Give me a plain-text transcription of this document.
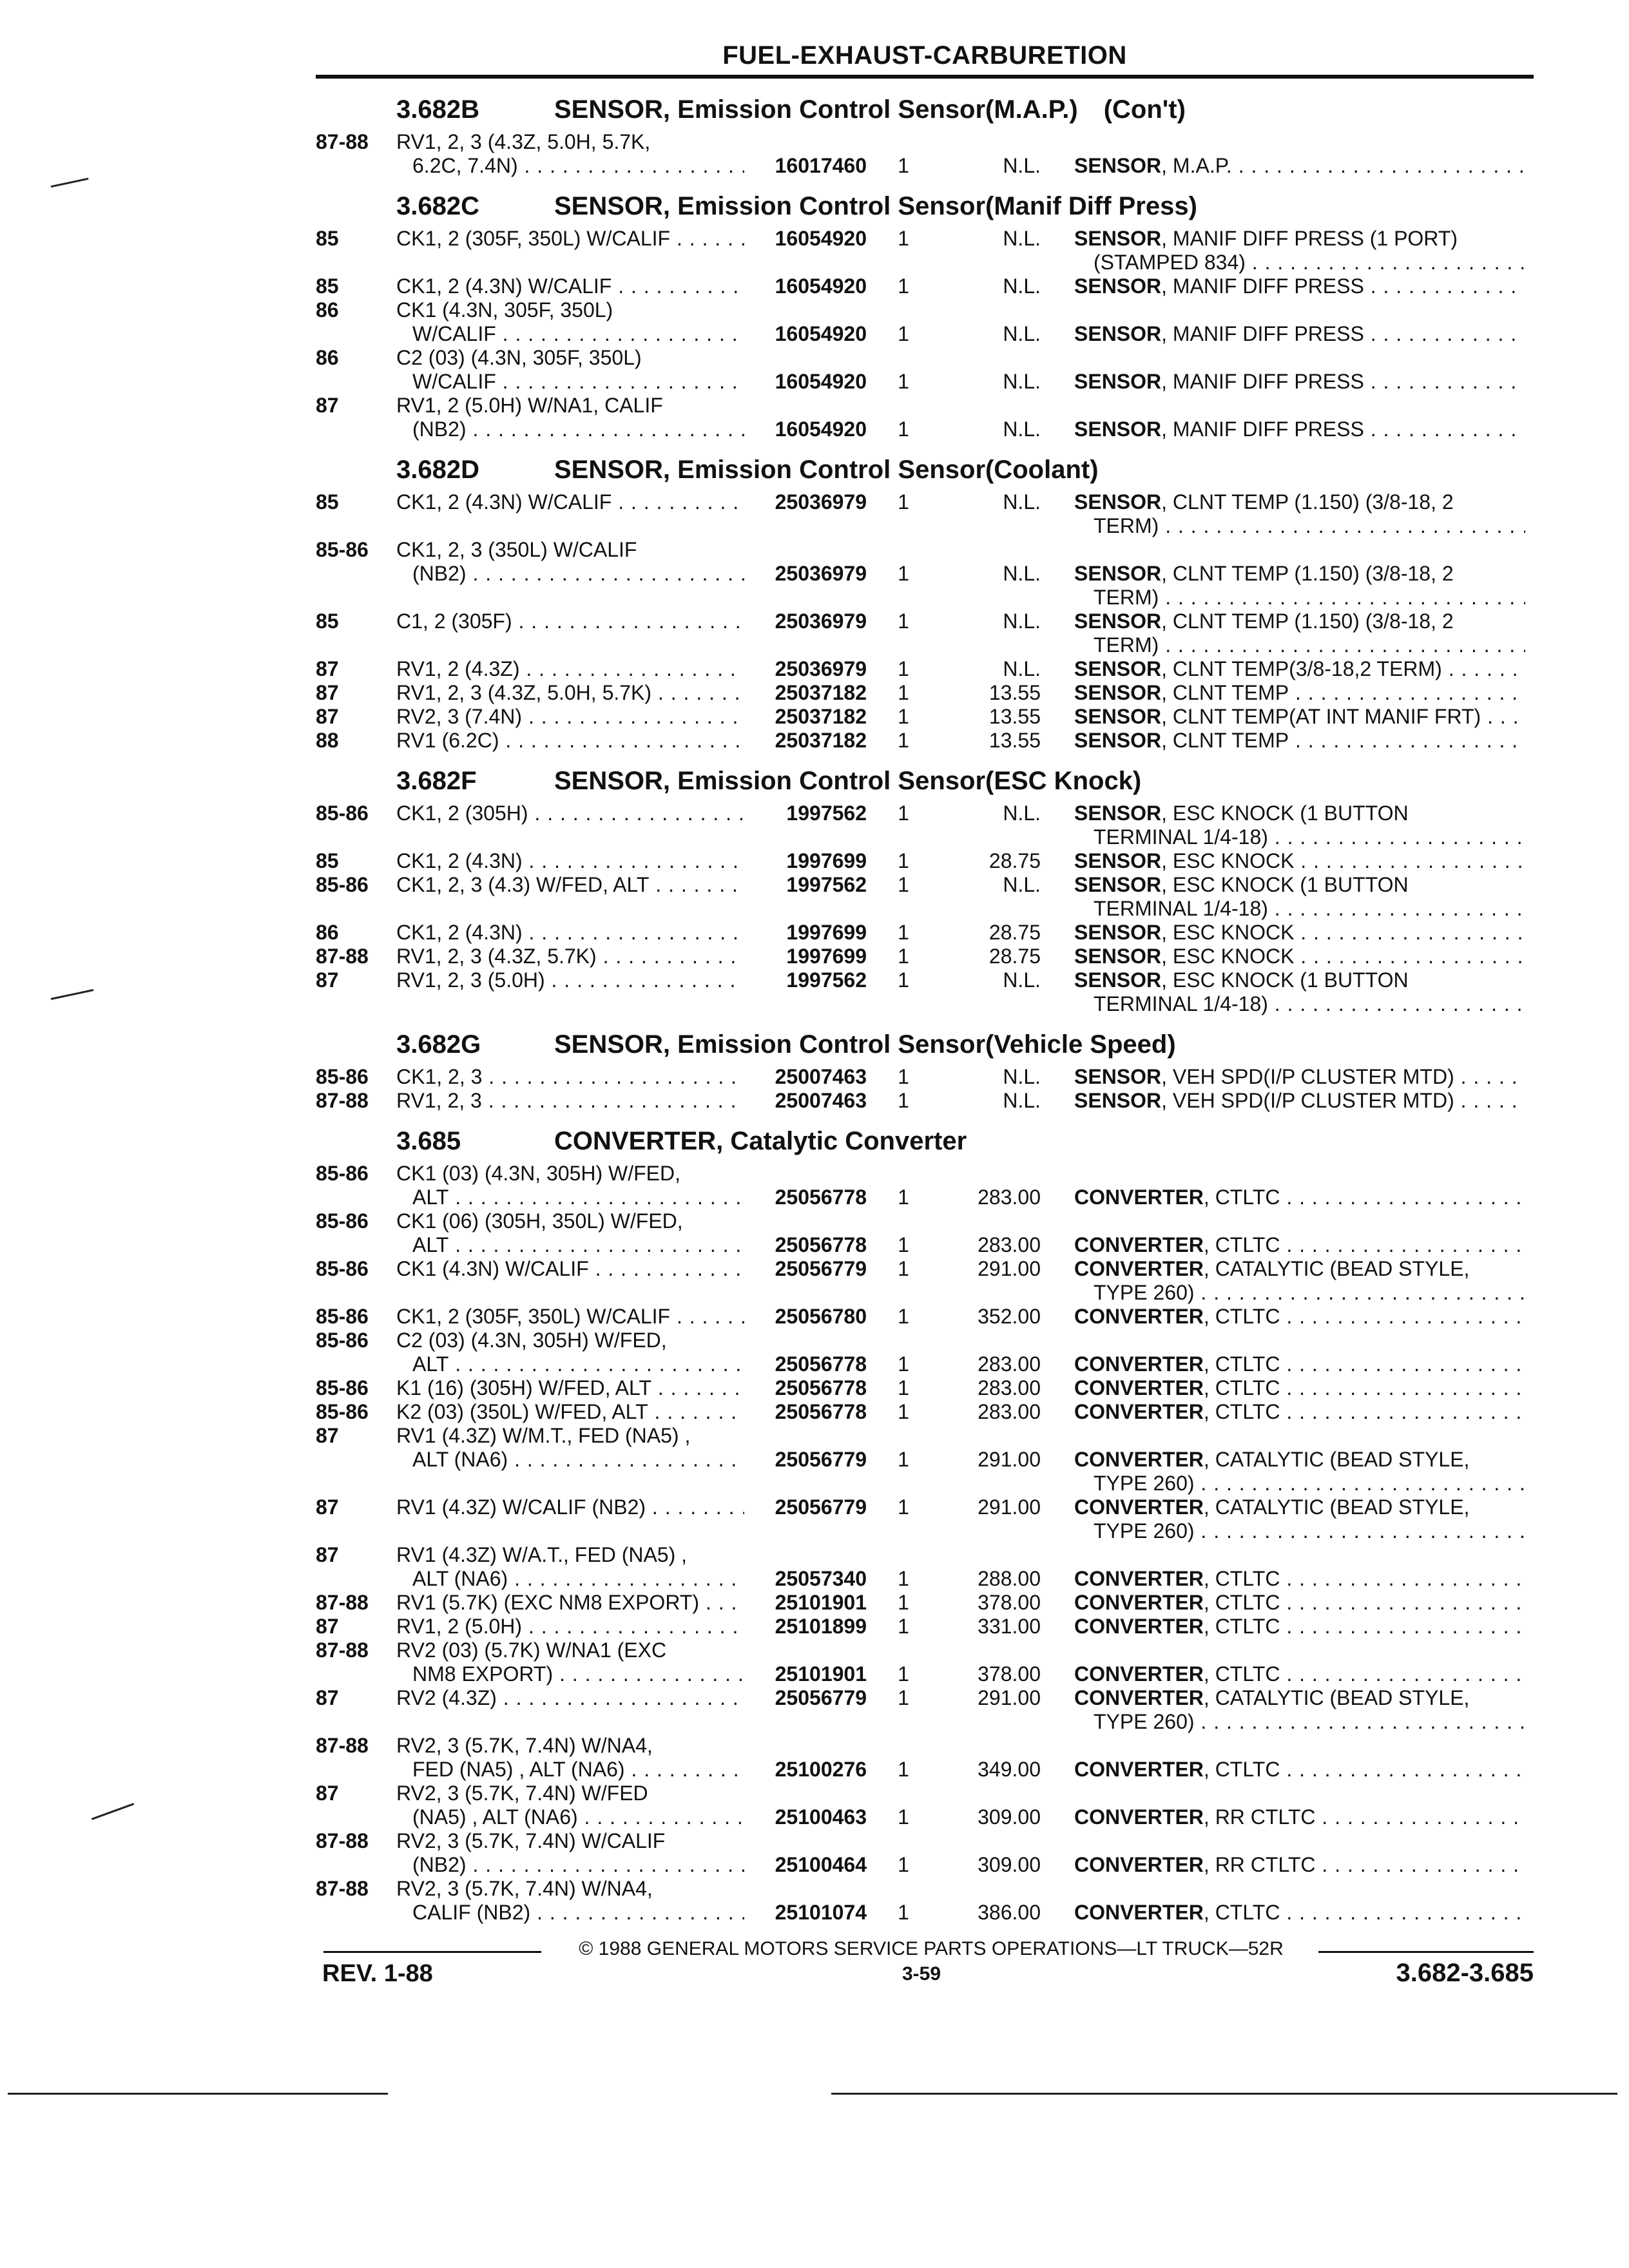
FUEL-EXHAUST-CARBURETION
3.682B	SENSOR, Emission Control Sensor(M.A.P.) (Con't)
87-88 RV1, 2, 3 (4.3Z, 5.0H, 5.7K,
6.2C, 7.4N) . . .	16017460 1	N.L. SENSOR, M.A.P. . . .
3.682C	SENSOR, Emission Control Sensor(Manif Diff Press)
85	CK1, 2 (305F, 350L) W/CALIF . . .	16054920 1	N.L. SENSOR, MANIF DIFF PRESS (1 PORT)
(STAMPED 834) . . .
85	CK1, 2 (4.3N) W/CALIF . . .	16054920 1	N.L. SENSOR, MANIF DIFF PRESS . . .
86	CK1 (4.3N, 305F, 350L)
W/CALIF . . .	16054920 1	N.L. SENSOR, MANIF DIFF PRESS . . .
86	C2 (03) (4.3N, 305F, 350L)
W/CALIF . . .	16054920 1	N.L. SENSOR, MANIF DIFF PRESS . . .
87	RV1, 2 (5.0H) W/NA1, CALIF
(NB2) . . .	16054920 1	N.L. SENSOR, MANIF DIFF PRESS . . .
3.682D	SENSOR, Emission Control Sensor(Coolant)
85	CK1, 2 (4.3N) W/CALIF . . .	25036979 1	N.L. SENSOR, CLNT TEMP (1.150) (3/8-18, 2
TERM) . . .
85-86 CK1, 2, 3 (350L) W/CALIF
(NB2) . . .	25036979 1	N.L. SENSOR, CLNT TEMP (1.150) (3/8-18, 2
TERM) . . .
85	C1, 2 (305F) . . .	25036979 1	N.L. SENSOR, CLNT TEMP (1.150) (3/8-18, 2
TERM) . . .
87	RV1, 2 (4.3Z) . . .	25036979 1	N.L. SENSOR, CLNT TEMP(3/8-18,2 TERM) . . .
87	RV1, 2, 3 (4.3Z, 5.0H, 5.7K) . . .	25037182 1	13.55 SENSOR, CLNT TEMP . . .
87	RV2, 3 (7.4N) . . .	25037182 1	13.55 SENSOR, CLNT TEMP(AT INT MANIF FRT) . . .
88	RV1 (6.2C) . . .	25037182 1	13.55 SENSOR, CLNT TEMP . . .
3.682F	SENSOR, Emission Control Sensor(ESC Knock)
85-86 CK1, 2 (305H) . . .	1997562 1	N.L. SENSOR, ESC KNOCK (1 BUTTON
TERMINAL 1/4-18) . . .
85	CK1, 2 (4.3N) . . .	1997699 1	28.75 SENSOR, ESC KNOCK . . .
85-86 CK1, 2, 3 (4.3) W/FED, ALT . . .	1997562 1	N.L. SENSOR, ESC KNOCK (1 BUTTON
TERMINAL 1/4-18) . . .
86	CK1, 2 (4.3N) . . .	1997699 1	28.75 SENSOR, ESC KNOCK . . .
87-88 RV1, 2, 3 (4.3Z, 5.7K) . . .	1997699 1	28.75 SENSOR, ESC KNOCK . . .
87	RV1, 2, 3 (5.0H) . . .	1997562 1	N.L. SENSOR, ESC KNOCK (1 BUTTON
TERMINAL 1/4-18) . . .
3.682G	SENSOR, Emission Control Sensor(Vehicle Speed)
85-86 CK1, 2, 3 . . .	25007463 1	N.L. SENSOR, VEH SPD(I/P CLUSTER MTD) . . .
87-88 RV1, 2, 3 . . .	25007463 1	N.L. SENSOR, VEH SPD(I/P CLUSTER MTD) . . .
3.685	CONVERTER, Catalytic Converter
85-86 CK1 (03) (4.3N, 305H) W/FED,
ALT . . .	25056778 1	283.00 CONVERTER, CTLTC . . .
85-86 CK1 (06) (305H, 350L) W/FED,
ALT . . .	25056778 1	283.00 CONVERTER, CTLTC . . .
85-86 CK1 (4.3N) W/CALIF . . .	25056779 1	291.00 CONVERTER, CATALYTIC (BEAD STYLE,
TYPE 260) . . .
85-86 CK1, 2 (305F, 350L) W/CALIF . . .	25056780 1	352.00 CONVERTER, CTLTC . . .
85-86 C2 (03) (4.3N, 305H) W/FED,
ALT . . .	25056778 1	283.00 CONVERTER, CTLTC . . .
85-86 K1 (16) (305H) W/FED, ALT . . .	25056778 1	283.00 CONVERTER, CTLTC . . .
85-86 K2 (03) (350L) W/FED, ALT . . .	25056778 1	283.00 CONVERTER, CTLTC . . .
87	RV1 (4.3Z) W/M.T., FED (NA5) ,
ALT (NA6) . . .	25056779 1	291.00 CONVERTER, CATALYTIC (BEAD STYLE,
TYPE 260) . . .
87	RV1 (4.3Z) W/CALIF (NB2) . . .	25056779 1	291.00 CONVERTER, CATALYTIC (BEAD STYLE,
TYPE 260) . . .
87	RV1 (4.3Z) W/A.T., FED (NA5) ,
ALT (NA6) . . .	25057340 1	288.00 CONVERTER, CTLTC . . .
87-88 RV1 (5.7K) (EXC NM8 EXPORT) . . .	25101901 1	378.00 CONVERTER, CTLTC . . .
87	RV1, 2 (5.0H) . . .	25101899 1	331.00 CONVERTER, CTLTC . . .
87-88 RV2 (03) (5.7K) W/NA1 (EXC
NM8 EXPORT) . . .	25101901 1	378.00 CONVERTER, CTLTC . . .
87	RV2 (4.3Z) . . .	25056779 1	291.00 CONVERTER, CATALYTIC (BEAD STYLE,
TYPE 260) . . .
87-88 RV2, 3 (5.7K, 7.4N) W/NA4,
FED (NA5) , ALT (NA6) . . .	25100276 1	349.00 CONVERTER, CTLTC . . .
87	RV2, 3 (5.7K, 7.4N) W/FED
(NA5) , ALT (NA6) . . .	25100463 1	309.00 CONVERTER, RR CTLTC . . .
87-88 RV2, 3 (5.7K, 7.4N) W/CALIF
(NB2) . . .	25100464 1	309.00 CONVERTER, RR CTLTC . . .
87-88 RV2, 3 (5.7K, 7.4N) W/NA4,
CALIF (NB2) . . .	25101074 1	386.00 CONVERTER, CTLTC . . .
© 1988 GENERAL MOTORS SERVICE PARTS OPERATIONS—LT TRUCK—52R
REV. 1-88	3-59	3.682-3.685
